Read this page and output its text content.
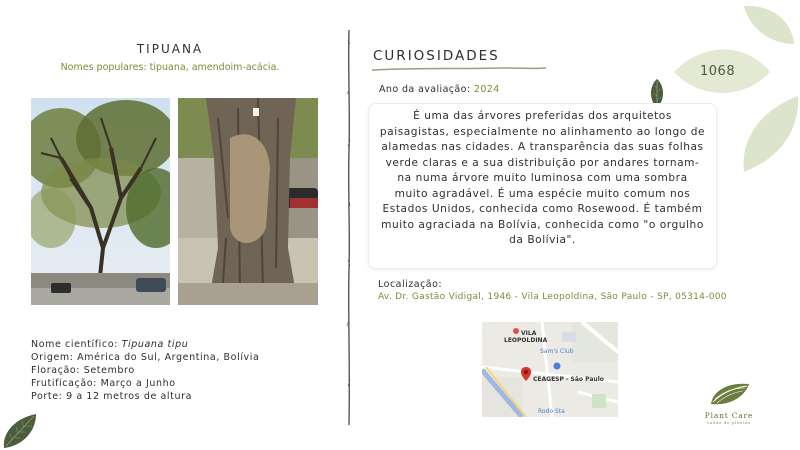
1068
TIPUANA
Nomes populares: tipuana, amendoim-acácia.
Nome científico: Tipuana tipu
Origem: América do Sul, Argentina, Bolívia
Floração: Setembro
Frutificação: Março a Junho
Porte: 9 a 12 metros de altura
CURIOSIDADES
Ano da avaliação: 2024
É uma das árvores preferidas dos arquitetos paisagistas, especialmente no alinhamento ao longo de alamedas nas cidades. A transparência das suas folhas verde claras e a sua distribuição por andares tornam-na numa árvore muito luminosa com uma sombra muito agradável. É uma espécie muito comum nos Estados Unidos, conhecida como Rosewood. É também muito agraciada na Bolívia, conhecida como "o orgulho da Bolívia".
Localização:
Av. Dr. Gastão Vidigal, 1946 - Vila Leopoldina, São Paulo - SP, 05314-000
VILA
LEOPOLDINA
Sam's Club
CEAGESP - São Paulo
Rodo Sta	Plant Care
saúde de plantas
